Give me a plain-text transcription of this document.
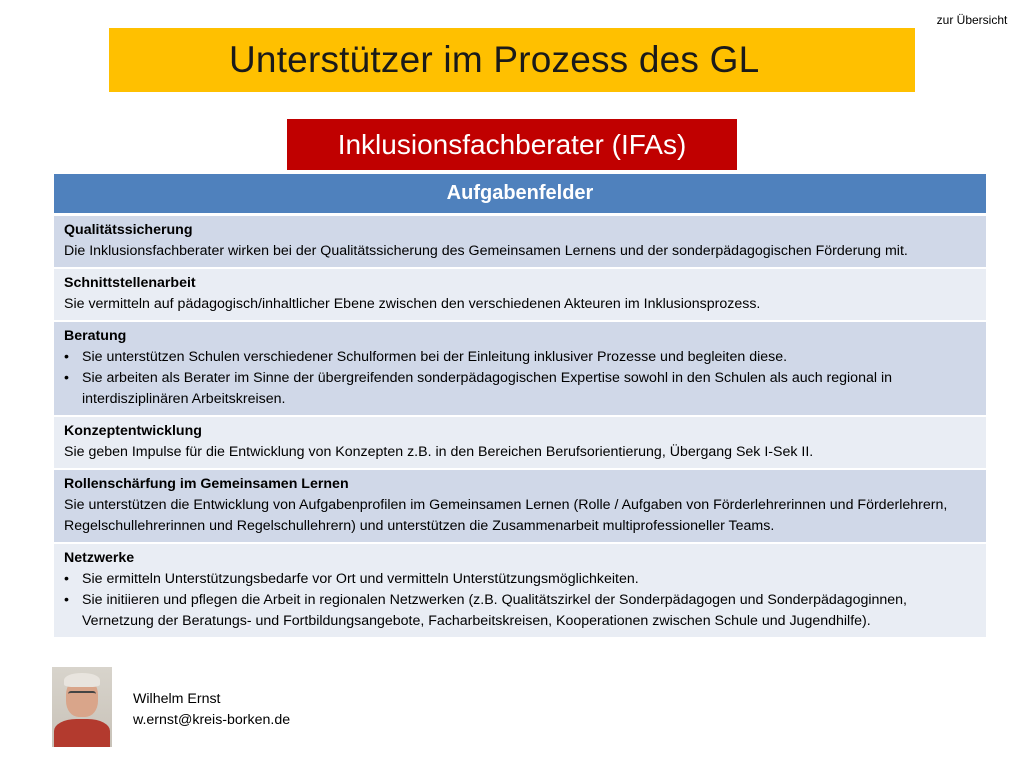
zur Übersicht
Unterstützer im Prozess des GL
Inklusionsfachberater (IFAs)
Aufgabenfelder
Qualitätssicherung
Die Inklusionsfachberater wirken bei der Qualitätssicherung des Gemeinsamen Lernens und der sonderpädagogischen Förderung mit.
Schnittstellenarbeit
Sie vermitteln auf pädagogisch/inhaltlicher Ebene zwischen den verschiedenen Akteuren im Inklusionsprozess.
Beratung
• Sie unterstützen Schulen verschiedener Schulformen bei der Einleitung inklusiver Prozesse und begleiten diese.
• Sie arbeiten als Berater im Sinne der übergreifenden sonderpädagogischen Expertise sowohl in den Schulen als auch regional in interdisziplinären Arbeitskreisen.
Konzeptentwicklung
Sie geben Impulse für die Entwicklung von Konzepten z.B. in den Bereichen Berufsorientierung, Übergang Sek I-Sek II.
Rollenschärfung im Gemeinsamen Lernen
Sie unterstützen die Entwicklung von Aufgabenprofilen im Gemeinsamen Lernen (Rolle / Aufgaben von Förderlehrerinnen und Förderlehrern, Regelschullehrerinnen und Regelschullehrern) und unterstützen die Zusammenarbeit multiprofessioneller Teams.
Netzwerke
• Sie ermitteln Unterstützungsbedarfe vor Ort und vermitteln Unterstützungsmöglichkeiten.
• Sie initiieren und pflegen die Arbeit in regionalen Netzwerken (z.B. Qualitätszirkel der Sonderpädagogen und Sonderpädagoginnen, Vernetzung der Beratungs- und Fortbildungsangebote, Facharbeitskreisen, Kooperationen zwischen Schule und Jugendhilfe).
Wilhelm Ernst
w.ernst@kreis-borken.de
